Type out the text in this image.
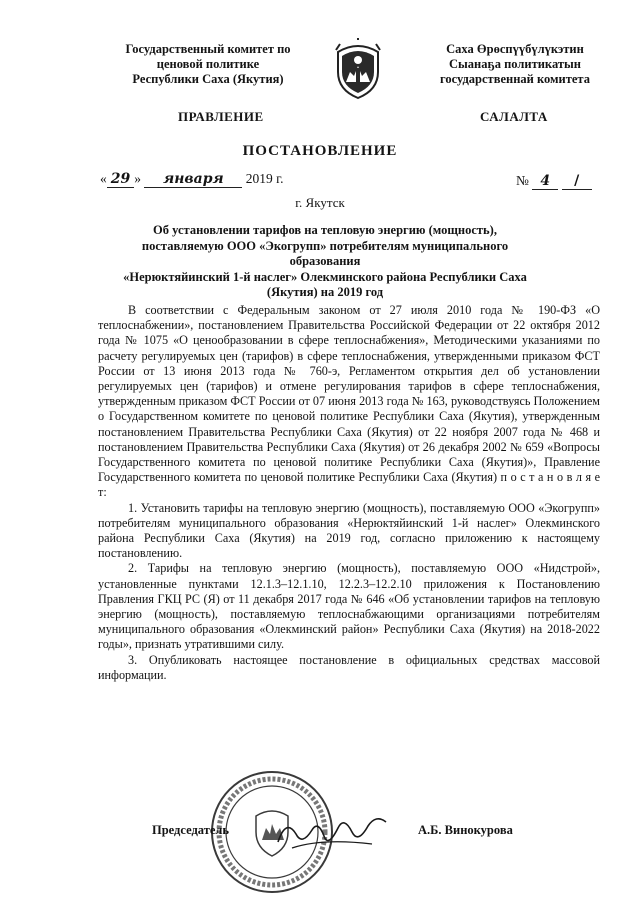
Государственный комитет по
ценовой политике
Республики Саха (Якутия)
Саха Өрөспүүбүлүкэтин
Сыанаҕа политикатын
государственнай комитета
ПРАВЛЕНИЕ	САЛАЛТА
ПОСТАНОВЛЕНИЕ
« 29 » января 2019 г.	№ 4 /
г. Якутск
Об установлении тарифов на тепловую энергию (мощность),
поставляемую ООО «Экогрупп» потребителям муниципального образования
«Нерюктяйинский 1-й наслег» Олекминского района Республики Саха
(Якутия) на 2019 год

В соответствии с Федеральным законом от 27 июля 2010 года № 190-ФЗ «О теплоснабжении», постановлением Правительства Российской Федерации от 22 октября 2012 года № 1075 «О ценообразовании в сфере теплоснабжения», Методическими указаниями по расчету регулируемых цен (тарифов) в сфере теплоснабжения, утвержденными приказом ФСТ России от 13 июня 2013 года № 760-э, Регламентом открытия дел об установлении регулируемых цен (тарифов) и отмене регулирования тарифов в сфере теплоснабжения, утвержденным приказом ФСТ России от 07 июня 2013 года № 163, руководствуясь Положением о Государственном комитете по ценовой политике Республики Саха (Якутия), утвержденным постановлением Правительства Республики Саха (Якутия) от 22 ноября 2007 года № 468 и постановлением Правительства Республики Саха (Якутия) от 26 декабря 2002 № 659 «Вопросы Государственного комитета по ценовой политике Республики Саха (Якутия)», Правление Государственного комитета по ценовой политике Республики Саха (Якутия) п о с т а н о в л я е т:

1. Установить тарифы на тепловую энергию (мощность), поставляемую ООО «Экогрупп» потребителям муниципального образования «Нерюктяйинский 1-й наслег» Олекминского района Республики Саха (Якутия) на 2019 год, согласно приложению к настоящему постановлению.

2. Тарифы на тепловую энергию (мощность), поставляемую ООО «Нидстрой», установленные пунктами 12.1.3–12.1.10, 12.2.3–12.2.10 приложения к Постановлению Правления ГКЦ РС (Я) от 11 декабря 2017 года № 646 «Об установлении тарифов на тепловую энергию (мощность), поставляемую теплоснабжающими организациями потребителям муниципального образования «Олекминский район» Республики Саха (Якутия) на 2018-2022 годы», признать утратившими силу.

3. Опубликовать настоящее постановление в официальных средствах массовой информации.

Председатель	А.Б. Винокурова
